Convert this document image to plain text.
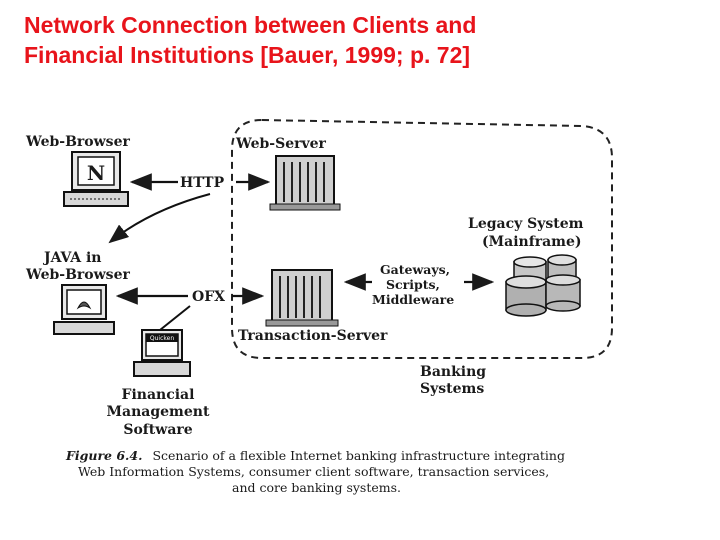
Network Connection between Clients and
Financial Institutions [Bauer, 1999; p. 72]
Web-Browser
N
Web-Server
HTTP
JAVA in
Web-Browser
OFX
Transaction-Server
Gateways,
Scripts,
Middleware
Legacy System
(Mainframe)
Banking
Systems
Quicken
Financial
Management
Software
Figure 6.4. Scenario of a flexible Internet banking infrastructure integrating
Web Information Systems, consumer client software, transaction services,
and core banking systems.
